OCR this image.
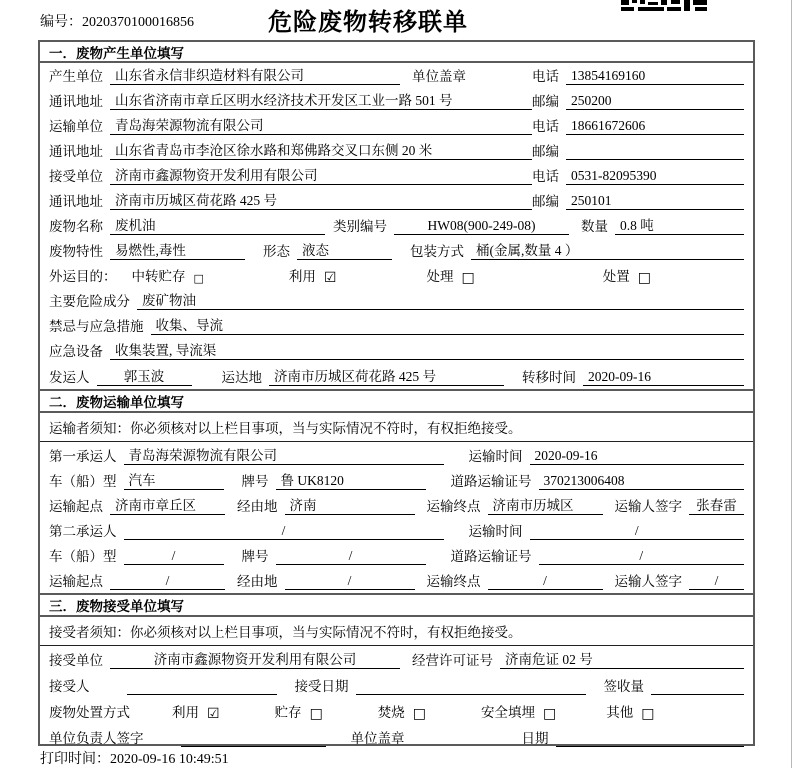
编号：2020370100016856	危险废物转移联单
一．废物产生单位填写
产生单位 山东省永信非织造材料有限公司	单位盖章	电话 13854169160
通讯地址 山东省济南市章丘区明水经济技术开发区工业一路 501 号	邮编 250200
运输单位 青岛海荣源物流有限公司	电话 18661672606
通讯地址 山东省青岛市李沧区徐水路和郑佛路交叉口东侧 20 米	邮编
接受单位 济南市鑫源物资开发利用有限公司	电话 0531-82095390
通讯地址 济南市历城区荷花路 425 号	邮编 250101
废物名称 废机油	类别编号	HW08(900-249-08)	数量 0.8 吨
废物特性 易燃性,毒性	形态 液态	包装方式 桶(金属,数量 4 ）
外运目的： 中转贮存 □	利用 ☑	处理 □	处置 □
主要危险成分 废矿物油
禁忌与应急措施 收集、导流
应急设备 收集装置, 导流渠
发运人	郭玉波	运达地 济南市历城区荷花路 425 号	转移时间 2020-09-16
二．废物运输单位填写
运输者须知：你必须核对以上栏目事项，当与实际情况不符时，有权拒绝接受。
第一承运人 青岛海荣源物流有限公司	运输时间 2020-09-16
车（船）型 汽车	牌号 鲁 UK8120	道路运输证号 370213006408
运输起点 济南市章丘区	经由地 济南	运输终点 济南市历城区	运输人签字	张春雷
第二承运人	/	运输时间	/
车（船）型	/	牌号	/	道路运输证号	/
运输起点	/	经由地	/	运输终点	/	运输人签字	/
三．废物接受单位填写
接受者须知：你必须核对以上栏目事项，当与实际情况不符时，有权拒绝接受。
接受单位	济南市鑫源物资开发利用有限公司	经营许可证号 济南危证 02 号
接受人	接受日期	签收量
废物处置方式	利用 ☑	贮存 □	焚烧 □	安全填埋 □	其他 □
单位负责人签字	单位盖章	日期
打印时间：2020-09-16 10:49:51
